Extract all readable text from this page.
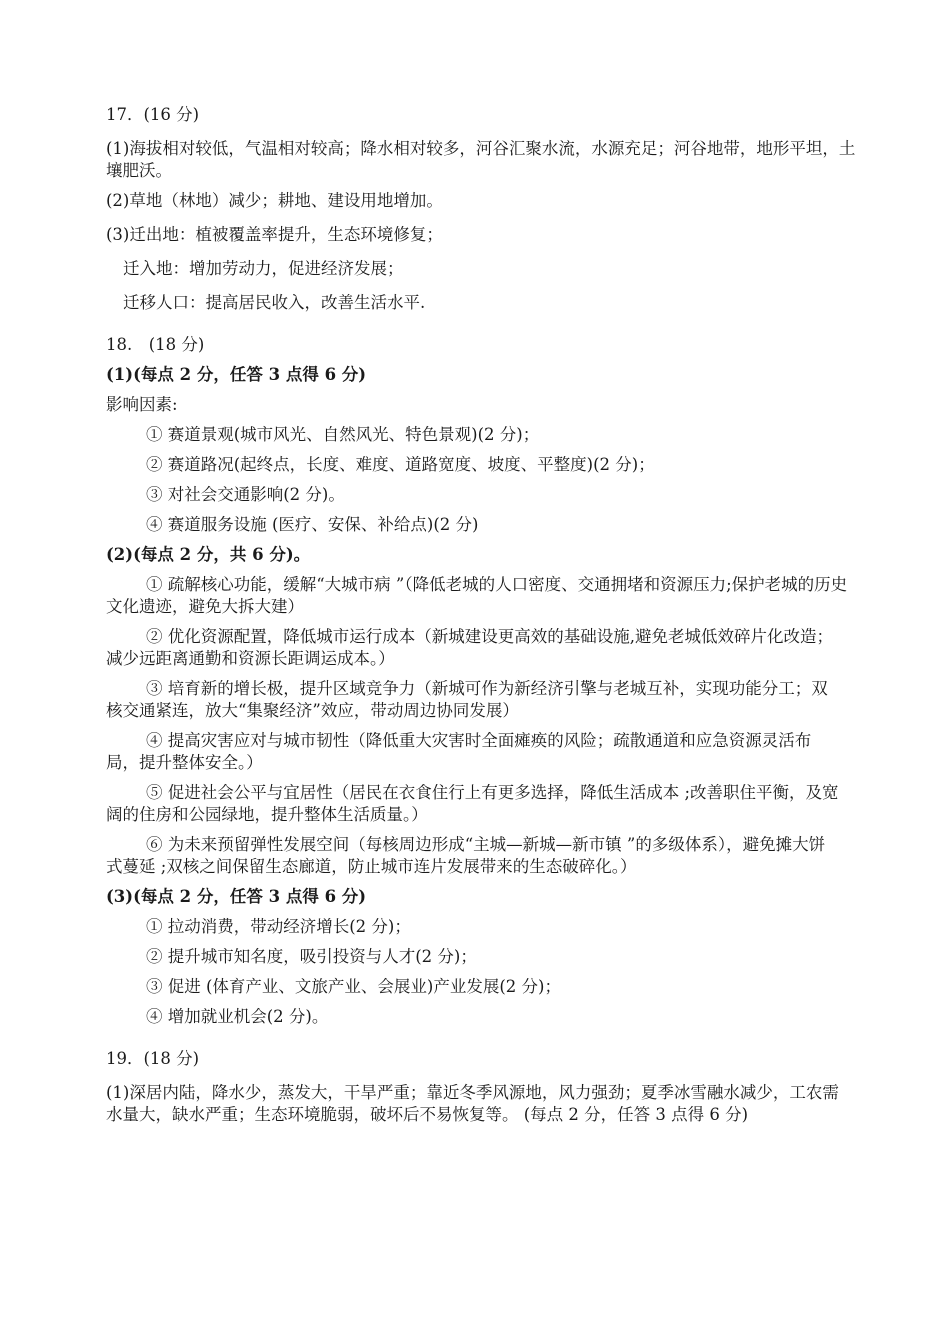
17．(16 分)

(1)海拔相对较低，气温相对较高；降水相对较多，河谷汇聚水流，水源充足；河谷地带，地形平坦，土壤肥沃。

(2)草地（林地）减少；耕地、建设用地增加。

(3)迁出地：植被覆盖率提升，生态环境修复；

迁入地：增加劳动力，促进经济发展；

迁移人口：提高居民收入，改善生活水平.

18.　(18 分)

(1)(每点 2 分，任答 3 点得 6 分)

影响因素:

① 赛道景观(城市风光、自然风光、特色景观)(2 分)；

② 赛道路况(起终点，长度、难度、道路宽度、坡度、平整度)(2 分)；

③ 对社会交通影响(2 分)。

④ 赛道服务设施 (医疗、安保、补给点)(2 分)

(2)(每点 2 分，共 6 分)。

① 疏解核心功能，缓解“大城市病 ”（降低老城的人口密度、交通拥堵和资源压力;保护老城的历史文化遗迹，避免大拆大建）

② 优化资源配置，降低城市运行成本（新城建设更高效的基础设施,避免老城低效碎片化改造；减少远距离通勤和资源长距调运成本。）

③ 培育新的增长极，提升区域竞争力（新城可作为新经济引擎与老城互补，实现功能分工；双核交通紧连，放大“集聚经济”效应，带动周边协同发展）

④ 提高灾害应对与城市韧性（降低重大灾害时全面瘫痪的风险；疏散通道和应急资源灵活布局，提升整体安全。）

⑤ 促进社会公平与宜居性（居民在衣食住行上有更多选择，降低生活成本 ;改善职住平衡，及宽阔的住房和公园绿地，提升整体生活质量。）

⑥ 为未来预留弹性发展空间（每核周边形成“主城—新城—新市镇 ”的多级体系），避免摊大饼式蔓延 ;双核之间保留生态廊道，防止城市连片发展带来的生态破碎化。）

(3)(每点 2 分，任答 3 点得 6 分)

① 拉动消费，带动经济增长(2 分)；

② 提升城市知名度，吸引投资与人才(2 分)；

③ 促进 (体育产业、文旅产业、会展业)产业发展(2 分)；

④ 增加就业机会(2 分)。

19．(18 分)

(1)深居内陆，降水少，蒸发大，干旱严重；靠近冬季风源地，风力强劲；夏季冰雪融水减少，工农需水量大，缺水严重；生态环境脆弱，破坏后不易恢复等。 (每点 2 分，任答 3 点得 6 分)
